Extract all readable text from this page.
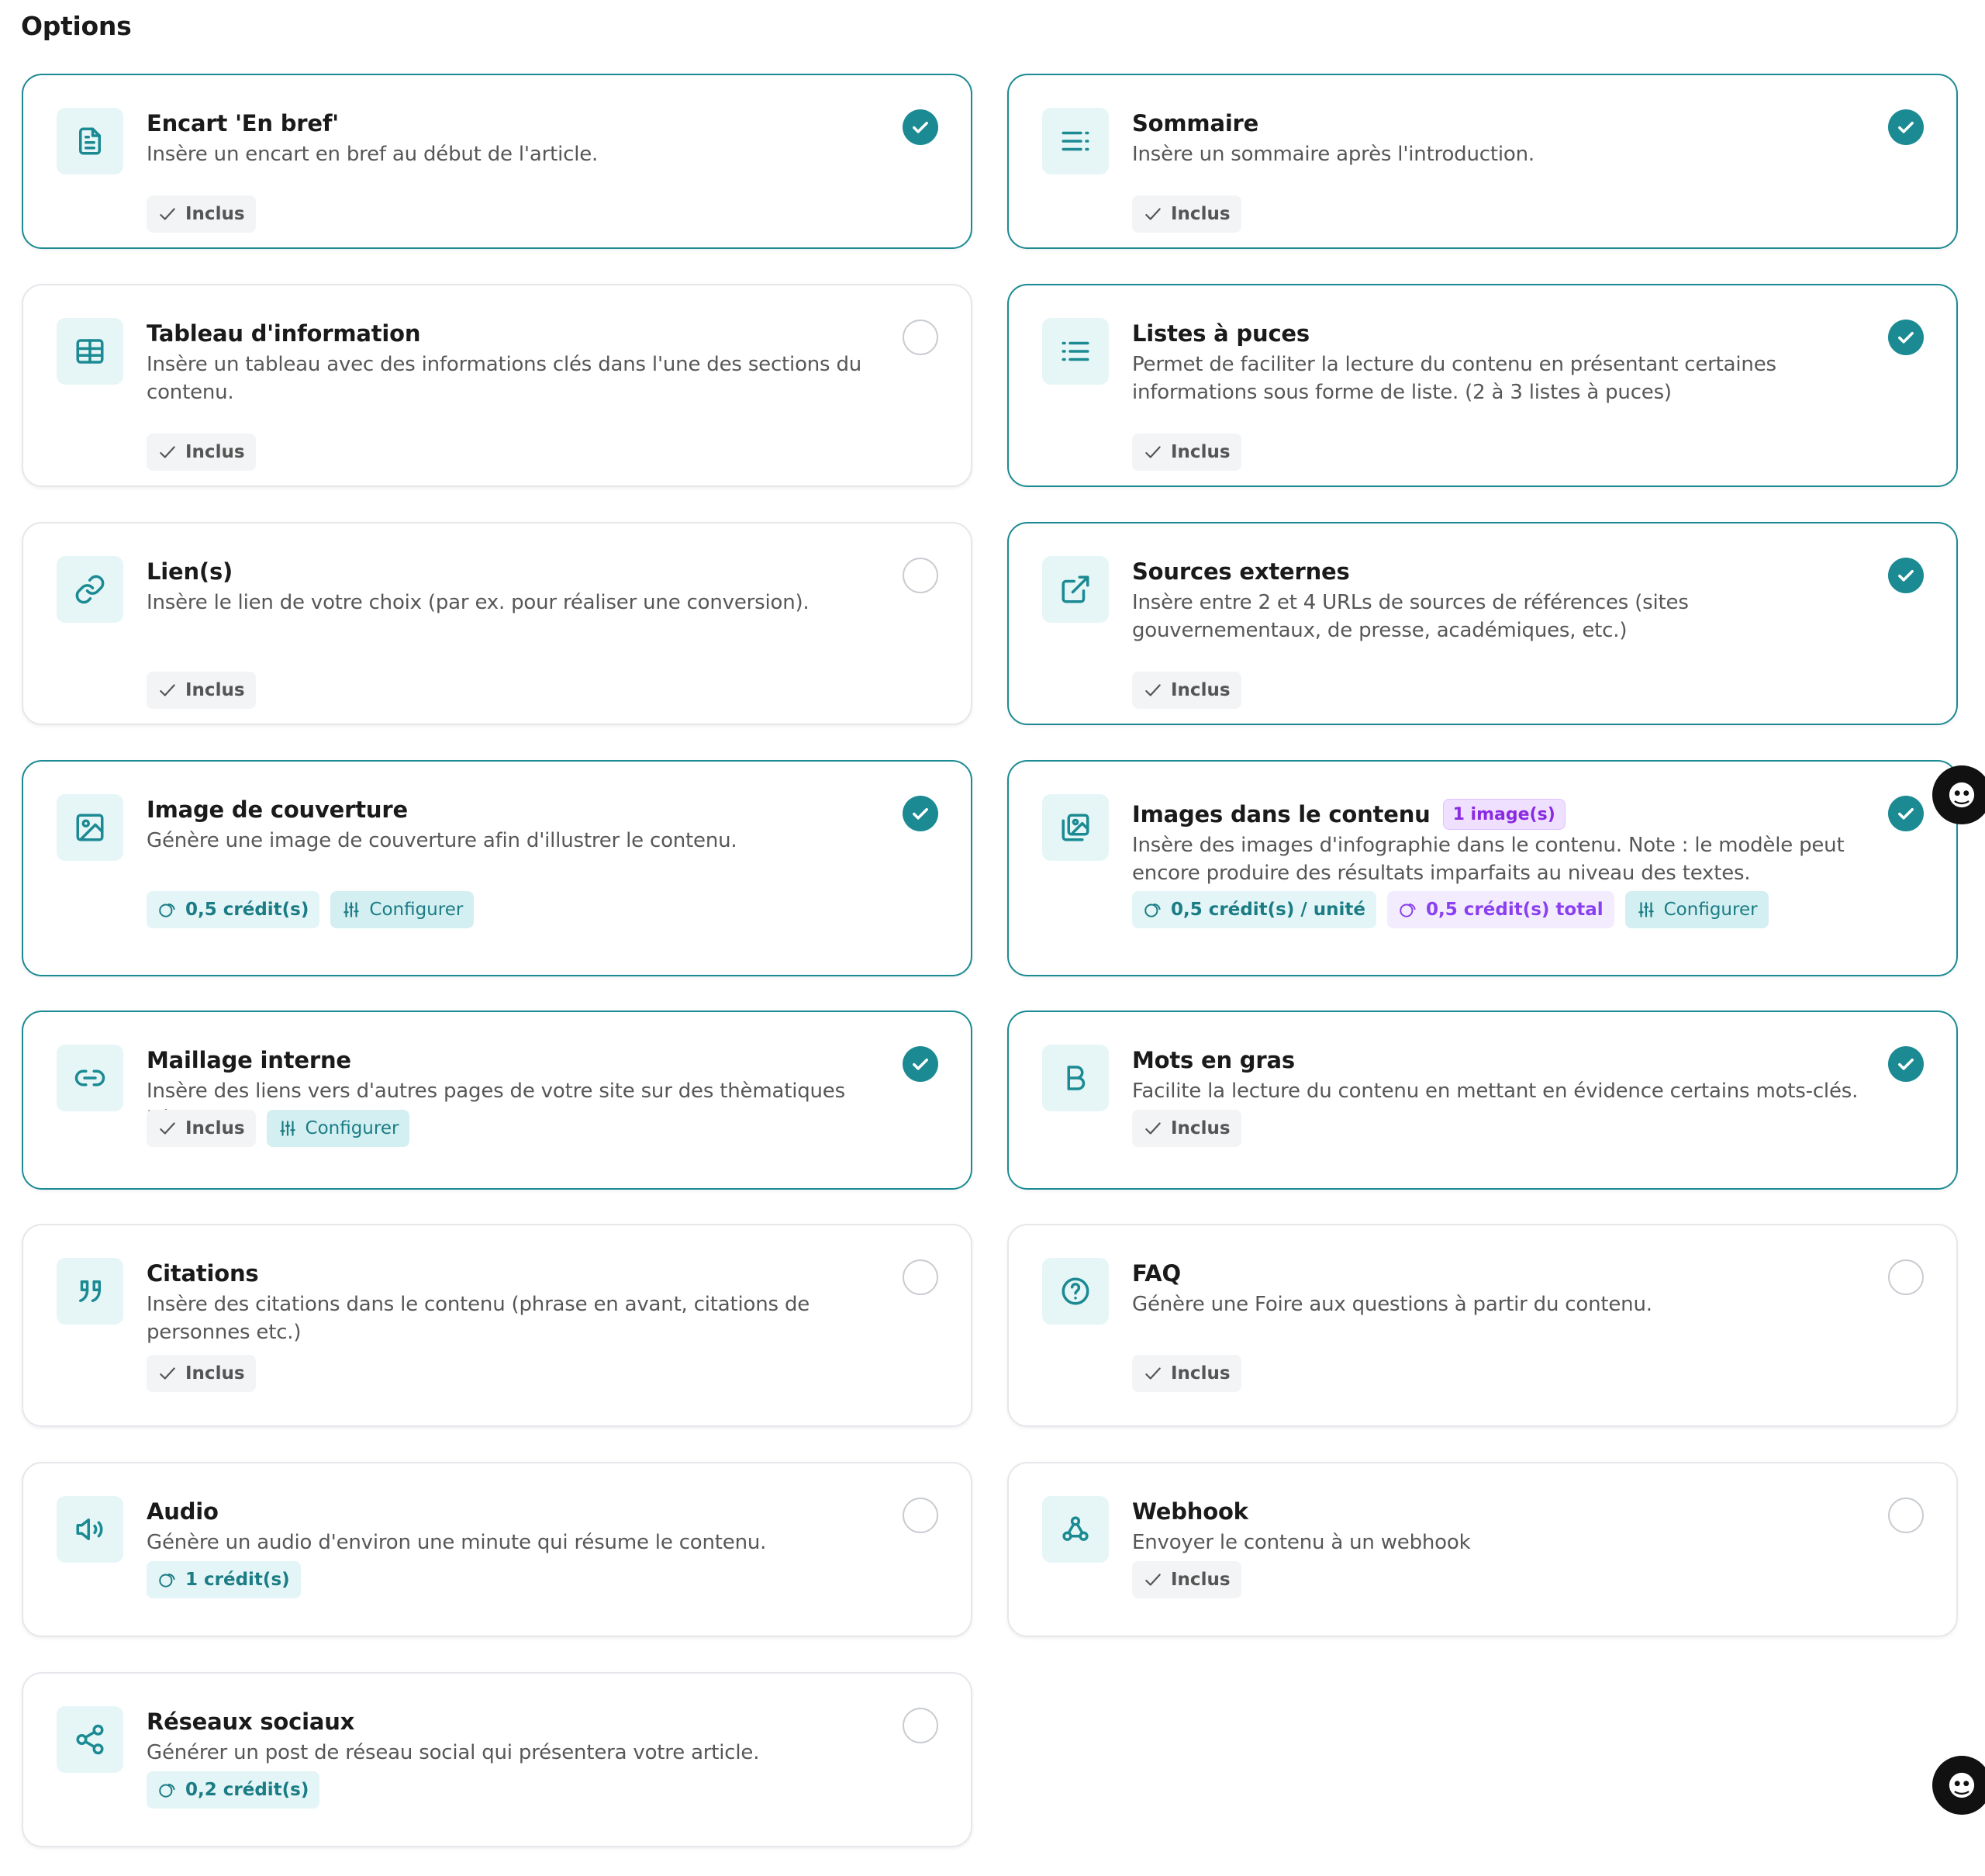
Options
Encart 'En bref'
Insère un encart en bref au début de l'article.
Inclus
Sommaire
Insère un sommaire après l'introduction.
Inclus
Tableau d'information
Insère un tableau avec des informations clés dans l'une des sections du contenu.
Inclus
Listes à puces
Permet de faciliter la lecture du contenu en présentant certaines informations sous forme de liste. (2 à 3 listes à puces)
Inclus
Lien(s)
Insère le lien de votre choix (par ex. pour réaliser une conversion).
Inclus
Sources externes
Insère entre 2 et 4 URLs de sources de références (sites gouvernementaux, de presse, académiques, etc.)
Inclus
Image de couverture
Génère une image de couverture afin d'illustrer le contenu.
0,5 crédit(s)	Configurer
Images dans le contenu	1 image(s)
Insère des images d'infographie dans le contenu. Note : le modèle peut encore produire des résultats imparfaits au niveau des textes.
0,5 crédit(s) / unité	0,5 crédit(s) total	Configurer
Maillage interne
Insère des liens vers d'autres pages de votre site sur des thèmatiques
Inclus	Configurer
Mots en gras
Facilite la lecture du contenu en mettant en évidence certains mots-clés.
Inclus
Citations
Insère des citations dans le contenu (phrase en avant, citations de personnes etc.)
Inclus
FAQ
Génère une Foire aux questions à partir du contenu.
Inclus
Audio
Génère un audio d'environ une minute qui résume le contenu.
1 crédit(s)
Webhook
Envoyer le contenu à un webhook
Inclus
Réseaux sociaux
Générer un post de réseau social qui présentera votre article.
0,2 crédit(s)
